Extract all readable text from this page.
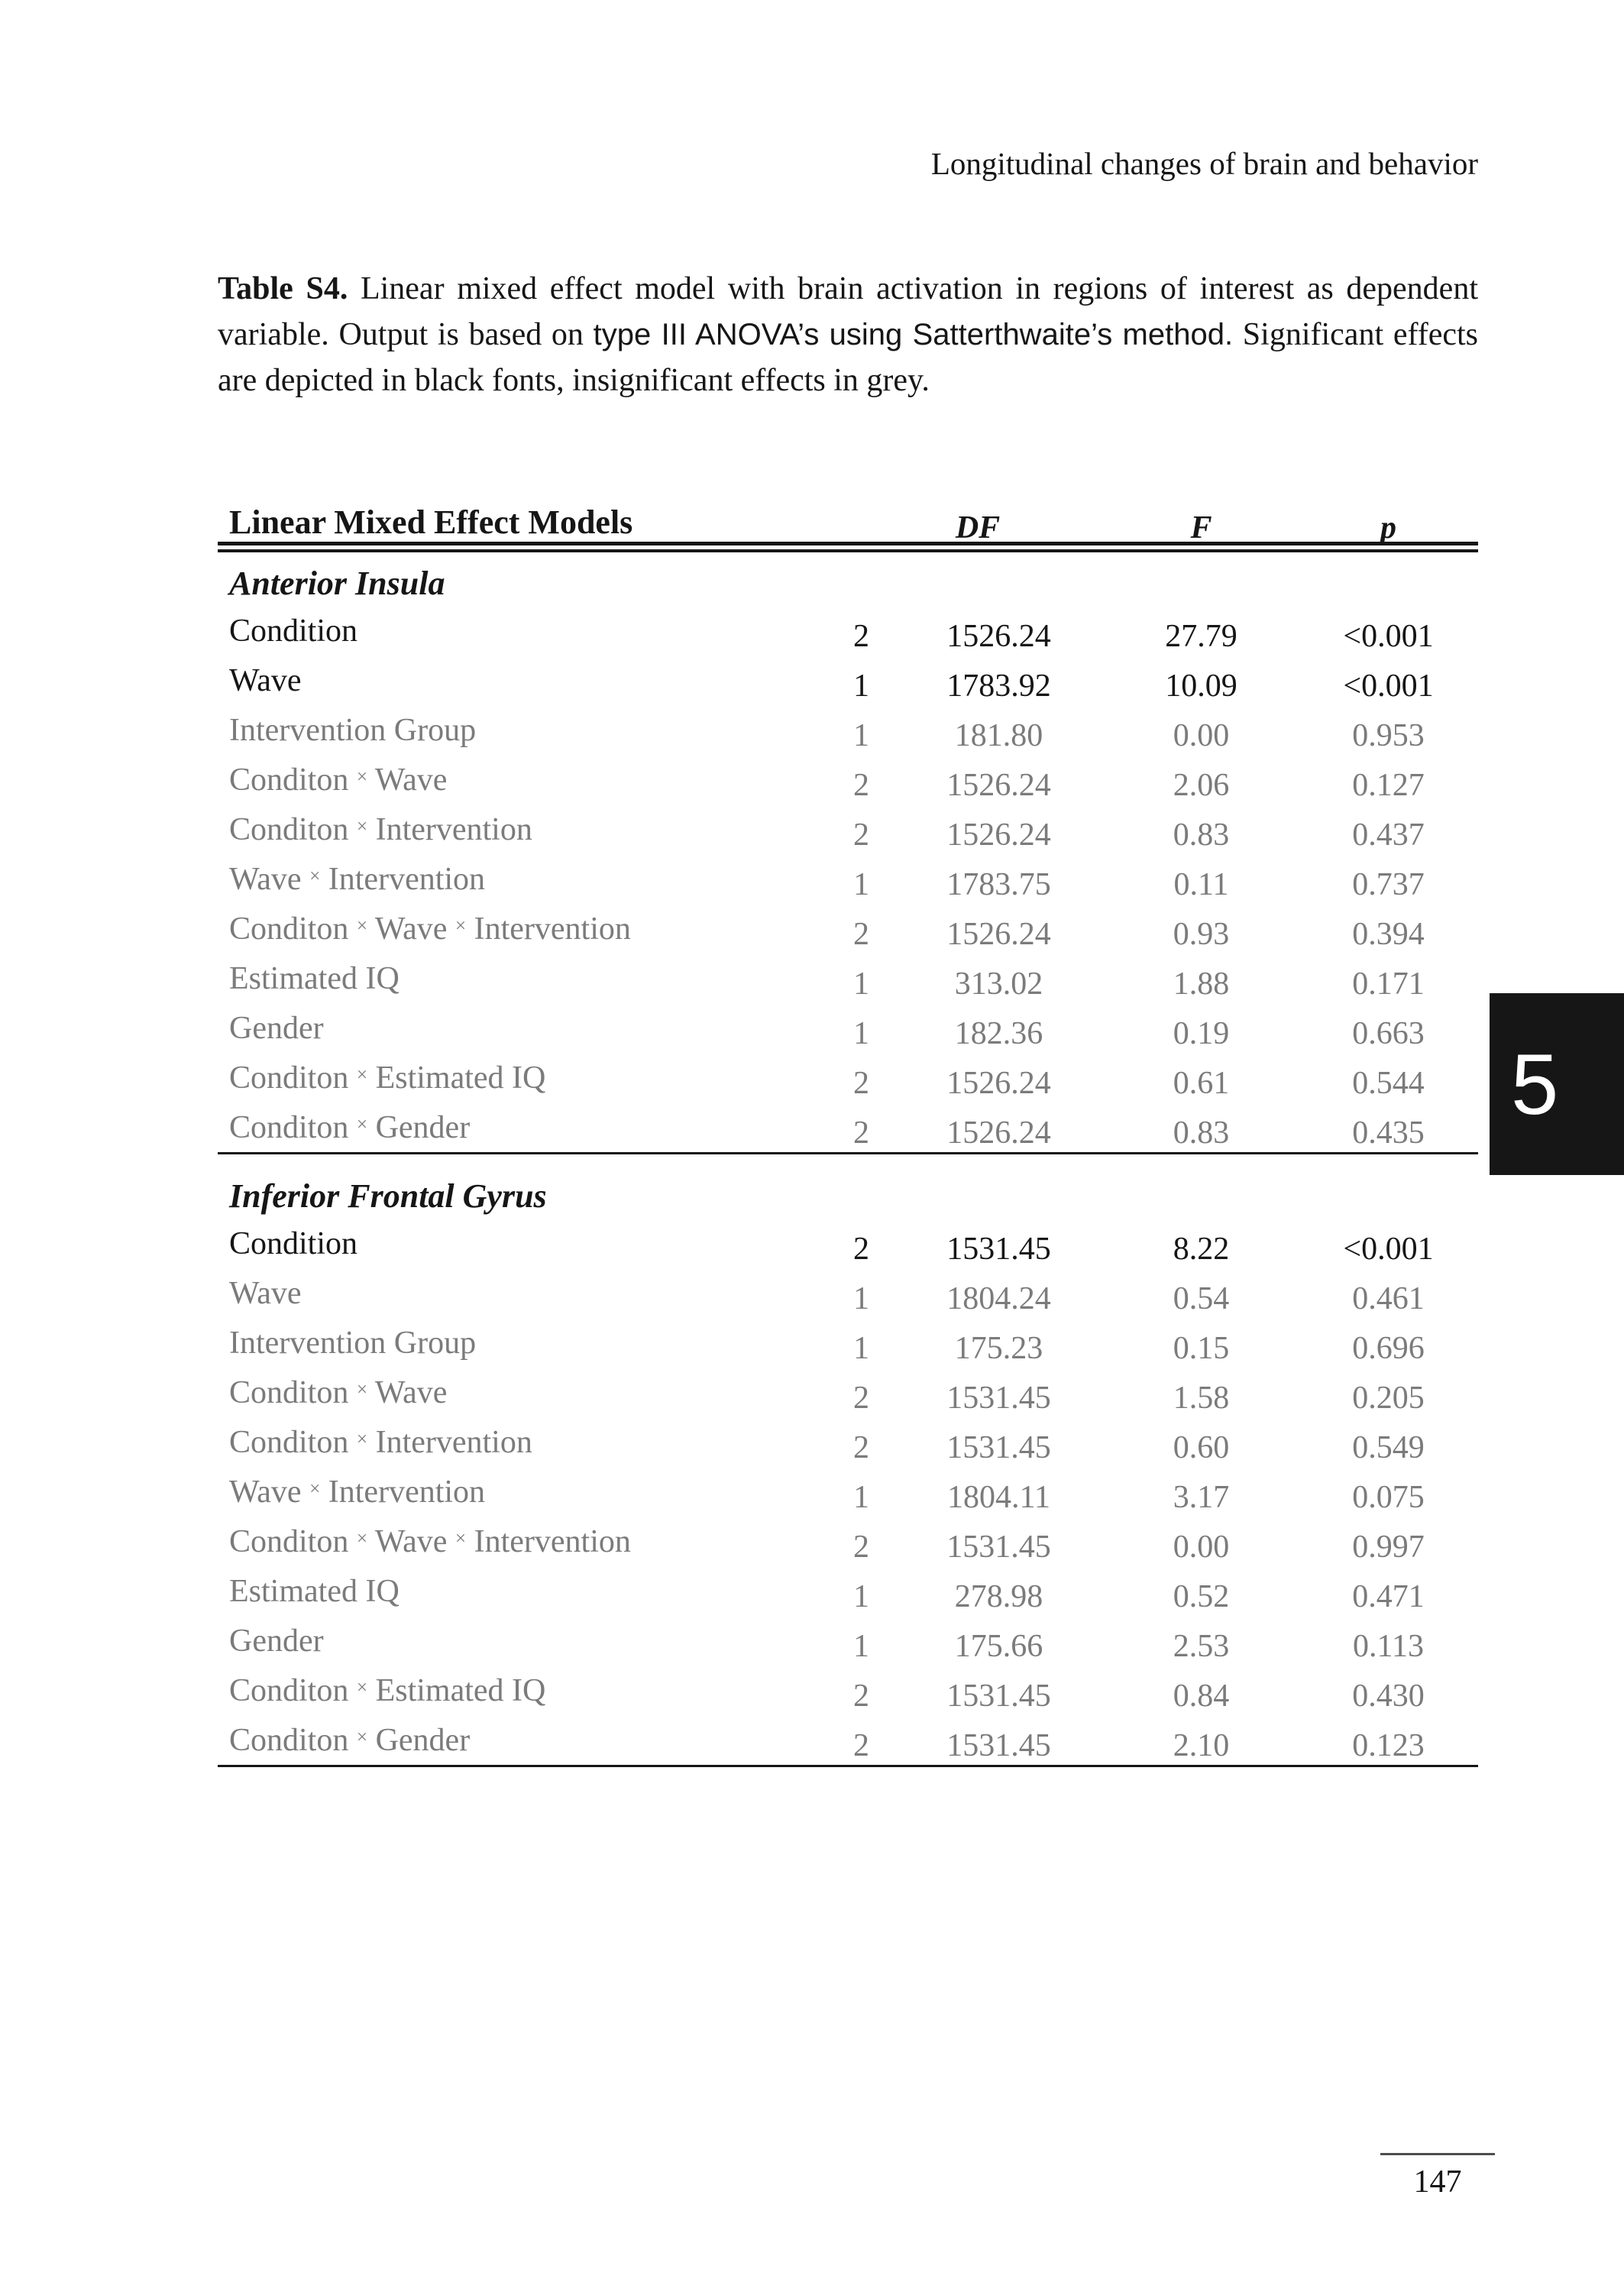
Longitudinal changes of brain and behavior

Table S4. Linear mixed effect model with brain activation in regions of interest as dependent variable. Output is based on type III ANOVA’s using Satterthwaite’s method. Significant effects are depicted in black fonts, insignificant effects in grey.

Linear Mixed Effect Models	DF	F	p
Anterior Insula
Condition	2	1526.24	27.79	<0.001
Wave	1	1783.92	10.09	<0.001
Intervention Group	1	181.80	0.00	0.953
Conditon × Wave	2	1526.24	2.06	0.127
Conditon × Intervention	2	1526.24	0.83	0.437
Wave × Intervention	1	1783.75	0.11	0.737
Conditon × Wave × Intervention	2	1526.24	0.93	0.394
Estimated IQ	1	313.02	1.88	0.171
Gender	1	182.36	0.19	0.663
Conditon × Estimated IQ	2	1526.24	0.61	0.544
Conditon × Gender	2	1526.24	0.83	0.435
Inferior Frontal Gyrus
Condition	2	1531.45	8.22	<0.001
Wave	1	1804.24	0.54	0.461
Intervention Group	1	175.23	0.15	0.696
Conditon × Wave	2	1531.45	1.58	0.205
Conditon × Intervention	2	1531.45	0.60	0.549
Wave × Intervention	1	1804.11	3.17	0.075
Conditon × Wave × Intervention	2	1531.45	0.00	0.997
Estimated IQ	1	278.98	0.52	0.471
Gender	1	175.66	2.53	0.113
Conditon × Estimated IQ	2	1531.45	0.84	0.430
Conditon × Gender	2	1531.45	2.10	0.123
5
147
